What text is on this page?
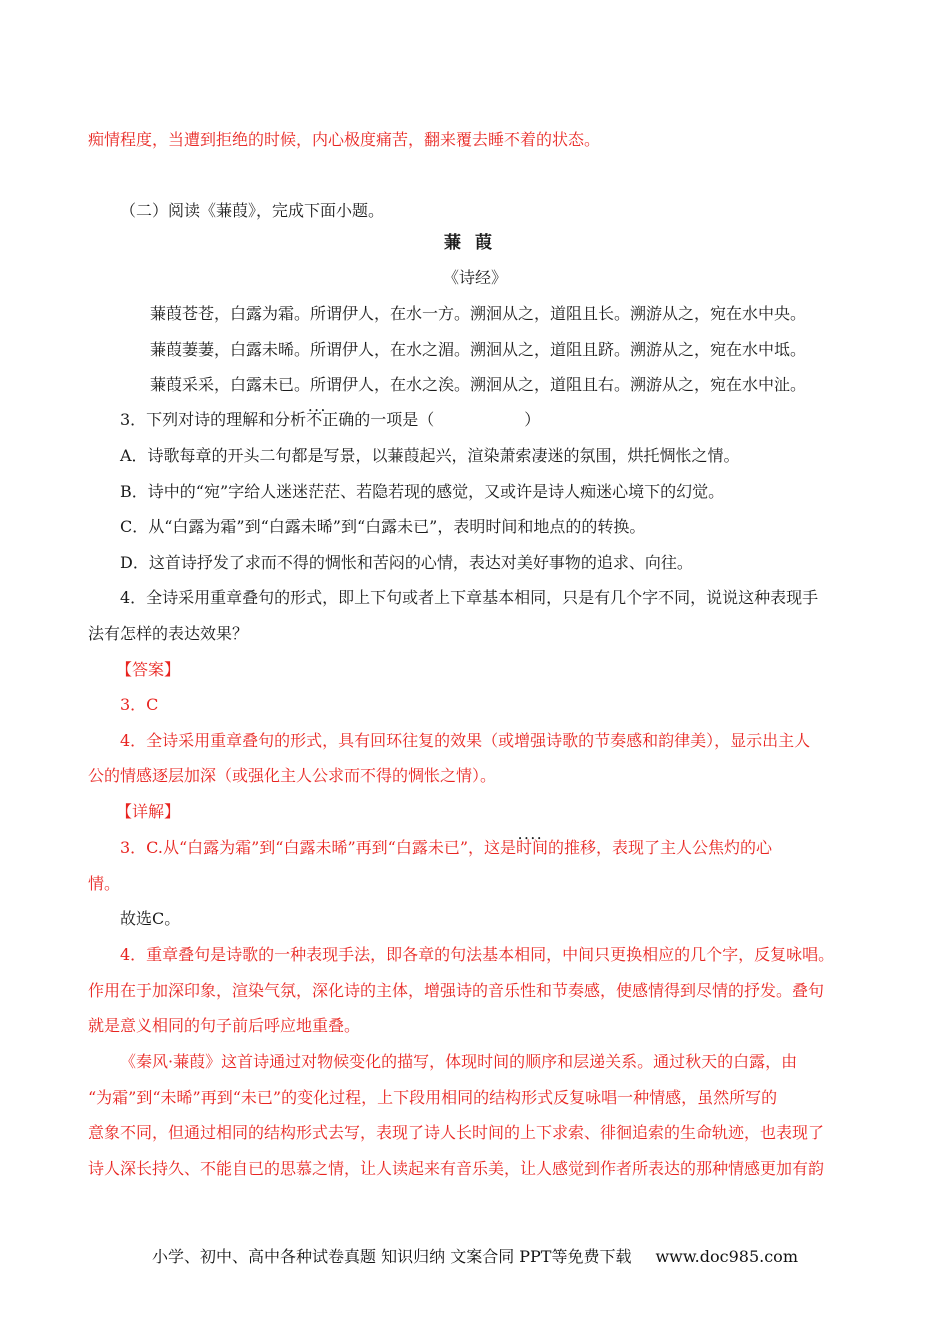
痴情程度，当遭到拒绝的时候，内心极度痛苦，翻来覆去睡不着的状态。
（二）阅读《蒹葭》，完成下面小题。
蒹葭
《诗经》
蒹葭苍苍，白露为霜。所谓伊人，在水一方。溯洄从之，道阻且长。溯游从之，宛在水中央。
蒹葭萋萋，白露未晞。所谓伊人，在水之湄。溯洄从之，道阻且跻。溯游从之，宛在水中坻。
蒹葭采采，白露未已。所谓伊人，在水之涘。溯洄从之，道阻且右。溯游从之，宛在水中沚。
3．下列对诗的理解和分析• • • 不正确的一项是（	）
A．诗歌每章的开头二句都是写景，以蒹葭起兴，渲染萧索凄迷的氛围，烘托惆怅之情。
B．诗中的“宛”字给人迷迷茫茫、若隐若现的感觉，又或许是诗人痴迷心境下的幻觉。
C．从“白露为霜”到“白露未晞”到“白露未已”，表明时间和地点的的转换。
D．这首诗抒发了求而不得的惆怅和苦闷的心情，表达对美好事物的追求、向往。
4．全诗采用重章叠句的形式，即上下句或者上下章基本相同，只是有几个字不同，说说这种表现手
法有怎样的表达效果？
【答案】
3．C
4．全诗采用重章叠句的形式，具有回环往复的效果（或增强诗歌的节奏感和韵律美），显示出主人
公的情感逐层加深（或强化主人公求而不得的惆怅之情）。
【详解】
3．C.从“白露为霜”到“白露未晞”再到“白露未已”，这是• • • • 时间的推移，表现了主人公焦灼的心
情。
故选C。
4．重章叠句是诗歌的一种表现手法，即各章的句法基本相同，中间只更换相应的几个字，反复咏唱。
作用在于加深印象，渲染气氛，深化诗的主体，增强诗的音乐性和节奏感，使感情得到尽情的抒发。叠句
就是意义相同的句子前后呼应地重叠。
《秦风·蒹葭》这首诗通过对物候变化的描写，体现时间的顺序和层递关系。通过秋天的白露，由
“为霜”到“未晞”再到“未已”的变化过程，上下段用相同的结构形式反复咏唱一种情感，虽然所写的
意象不同，但通过相同的结构形式去写，表现了诗人长时间的上下求索、徘徊追索的生命轨迹，也表现了
诗人深长持久、不能自已的思慕之情，让人读起来有音乐美，让人感觉到作者所表达的那种情感更加有韵
小学、初中、高中各种试卷真题 知识归纳 文案合同 PPT等免费下载 www.doc985.com
